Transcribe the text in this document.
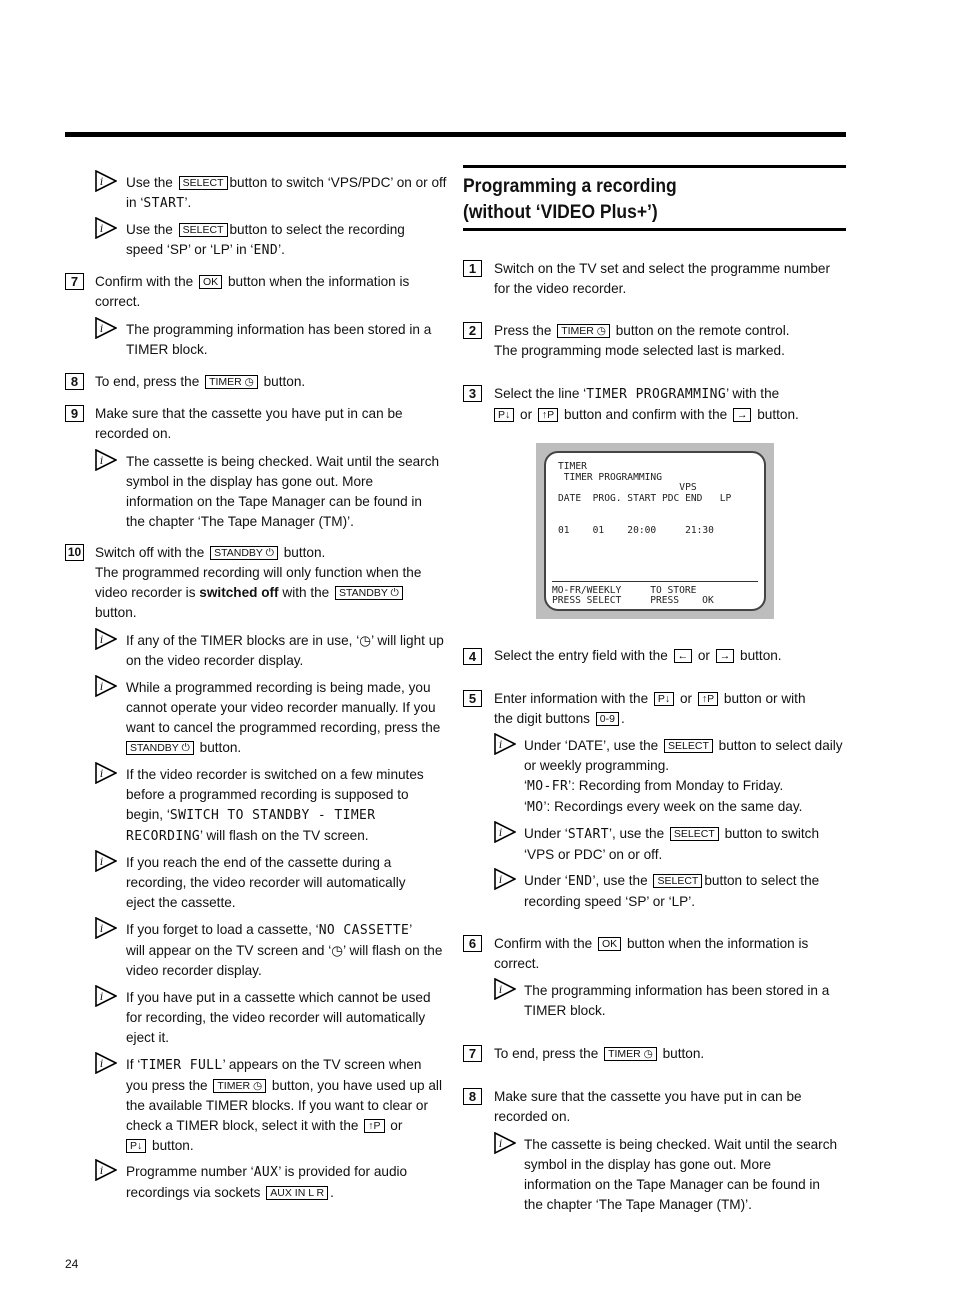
i Use the SELECT button to switch ‘VPS/PDC’ on or off
in ‘START’.
i Use the SELECT button to select the recording
speed ‘SP’ or ‘LP’ in ‘END’.
7	Confirm with the OK button when the information is
correct.
i The programming information has been stored in a
TIMER block.
8	To end, press the TIMER ◷ button.
9	Make sure that the cassette you have put in can be
recorded on.
i The cassette is being checked. Wait until the search
symbol in the display has gone out. More
information on the Tape Manager can be found in
the chapter ‘The Tape Manager (TM)’.
10 Switch off with the STANDBY ⏻ button.
The programmed recording will only function when the
video recorder is switched off with the STANDBY ⏻
button.
i If any of the TIMER blocks are in use, ‘◷’ will light up
on the video recorder display.
i While a programmed recording is being made, you
cannot operate your video recorder manually. If you
want to cancel the programmed recording, press the
STANDBY ⏻ button.
i If the video recorder is switched on a few minutes
before a programmed recording is supposed to
begin, ‘SWITCH TO STANDBY - TIMER
RECORDING’ will flash on the TV screen.
i If you reach the end of the cassette during a
recording, the video recorder will automatically
eject the cassette.
i If you forget to load a cassette, ‘NO CASSETTE’
will appear on the TV screen and ‘◷’ will flash on the
video recorder display.
i If you have put in a cassette which cannot be used
for recording, the video recorder will automatically
eject it.
i If ‘TIMER FULL’ appears on the TV screen when
you press the TIMER ◷ button, you have used up all
the available TIMER blocks. If you want to clear or
check a TIMER block, select it with the ↑P or
P↓ button.
i Programme number ‘AUX’ is provided for audio
recordings via sockets AUX IN L R .
24
Programming a recording
(without ‘VIDEO Plus+’)
1	Switch on the TV set and select the programme number
for the video recorder.
2	Press the TIMER ◷ button on the remote control.
The programming mode selected last is marked.
3	Select the line ‘TIMER PROGRAMMING’ with the
P↓ or ↑P button and confirm with the → button.
TIMER
TIMER PROGRAMMING
VPS
DATE  PROG. START PDC END   LP
01    01    20:00     21:30
MO-FR/WEEKLY     TO STORE
PRESS SELECT     PRESS    OK
4	Select the entry field with the ← or → button.
5	Enter information with the P↓ or ↑P button or with
the digit buttons 0-9 .
i Under ‘DATE’, use the SELECT button to select daily
or weekly programming.
‘MO-FR’: Recording from Monday to Friday.
‘MO’: Recordings every week on the same day.
i Under ‘START’, use the SELECT button to switch
‘VPS or PDC’ on or off.
i Under ‘END’, use the SELECT button to select the
recording speed ‘SP’ or ‘LP’.
6	Confirm with the OK button when the information is
correct.
i The programming information has been stored in a
TIMER block.
7	To end, press the TIMER ◷ button.
8	Make sure that the cassette you have put in can be
recorded on.
i The cassette is being checked. Wait until the search
symbol in the display has gone out. More
information on the Tape Manager can be found in
the chapter ‘The Tape Manager (TM)’.
